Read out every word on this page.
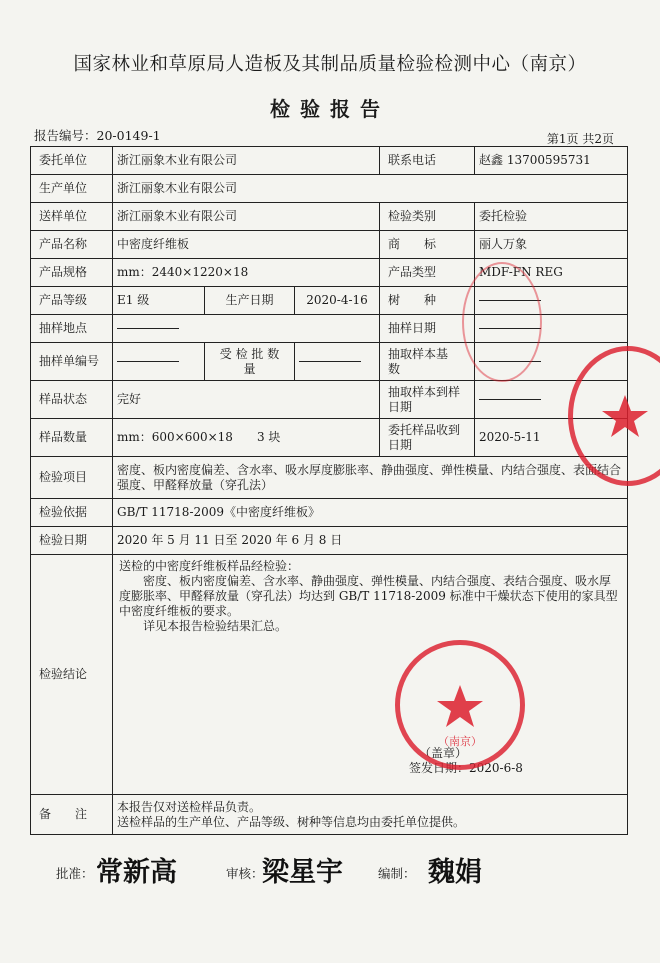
国家林业和草原局人造板及其制品质量检验检测中心（南京）
检验报告
报告编号：20-0149-1	第1页 共2页
委托单位	浙江丽象木业有限公司			联系电话	赵鑫 13700595731
生产单位	浙江丽象木业有限公司				
送样单位	浙江丽象木业有限公司			检验类别	委托检验
产品名称	中密度纤维板			商　　标	丽人万象
产品规格	mm：2440×1220×18			产品类型	MDF-FN REG
产品等级	E1 级	生产日期	2020-4-16	树　　种	
抽样地点				抽样日期	
抽样单编号		受 检 批 数　量		抽取样本基　　数	
样品状态	完好			抽取样本到样日期	
样品数量	mm：600×600×18　　3 块			委托样品收到日期	2020-5-11
检验项目	密度、板内密度偏差、含水率、吸水厚度膨胀率、静曲强度、弹性模量、内结合强度、表面结合强度、甲醛释放量（穿孔法）				
检验依据	GB/T 11718-2009《中密度纤维板》				
检验日期	2020 年 5 月 11 日至 2020 年 6 月 8 日				
检验结论	送检的中密度纤维板样品经检验：

密度、板内密度偏差、含水率、静曲强度、弹性模量、内结合强度、表结合强度、吸水厚度膨胀率、甲醛释放量（穿孔法）均达到 GB/T 11718-2009 标准中干燥状态下使用的家具型中密度纤维板的要求。

详见本报告检验结果汇总。

（盖章）

签发日期：2020-6-8				

备　　注	本报告仅对送检样品负责。
送检样品的生产单位、产品等级、树种等信息均由委托单位提供。				
批准： 常新高	审核：
梁星宇	编制： 魏娟
（南京）
